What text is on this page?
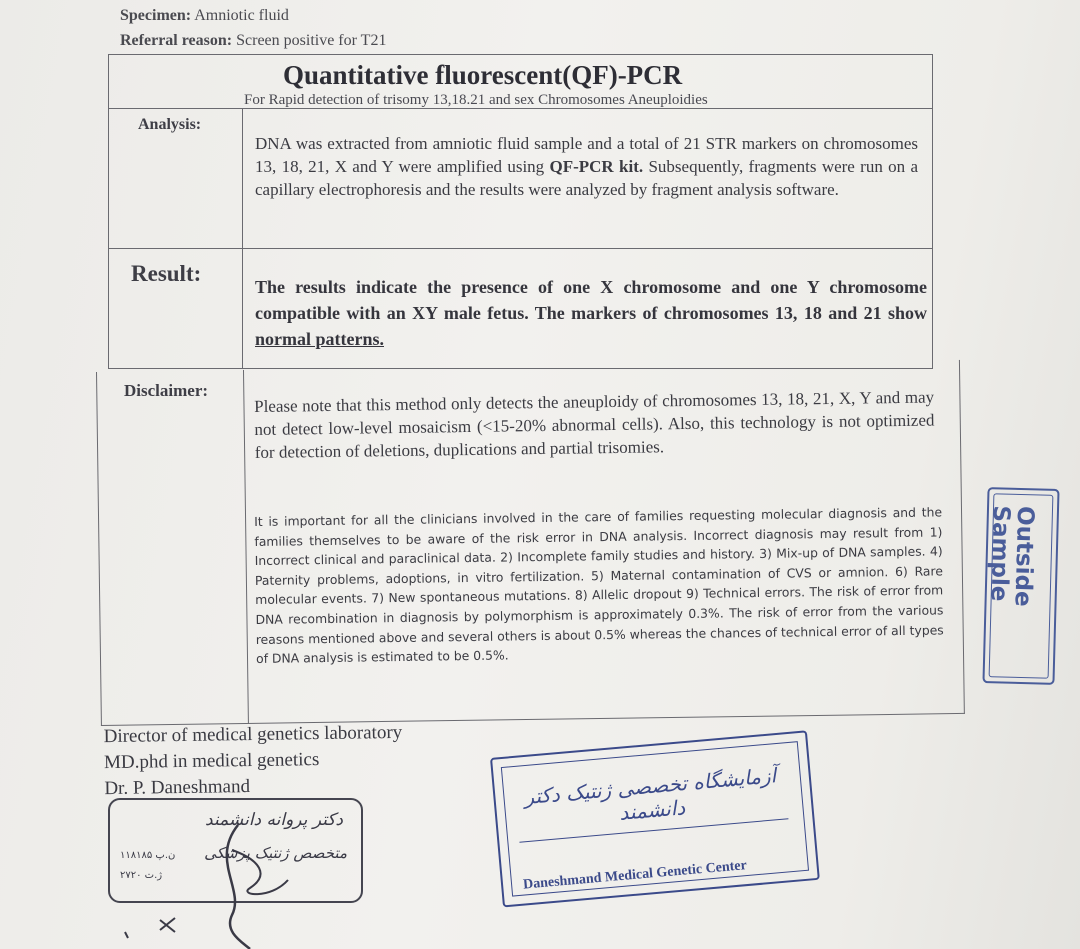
Specimen: Amniotic fluid
Referral reason: Screen positive for T21
Quantitative fluorescent(QF)-PCR
For Rapid detection of trisomy 13,18.21 and sex Chromosomes Aneuploidies
Analysis:
DNA was extracted from amniotic fluid sample and a total of 21 STR markers on chromosomes 13, 18, 21, X and Y were amplified using QF-PCR kit. Subsequently, fragments were run on a capillary electrophoresis and the results were analyzed by fragment analysis software.
Result:
The results indicate the presence of one X chromosome and one Y chromosome compatible with an XY male fetus. The markers of chromosomes 13, 18 and 21 show normal patterns.
Disclaimer:	Please note that this method only detects the aneuploidy of chromosomes 13, 18, 21, X, Y and may not detect low-level mosaicism (<15-20% abnormal cells). Also, this technology is not optimized for detection of deletions, duplications and partial trisomies.
It is important for all the clinicians involved in the care of families requesting molecular diagnosis and the families themselves to be aware of the risk error in DNA analysis. Incorrect diagnosis may result from 1) Incorrect clinical and paraclinical data. 2) Incomplete family studies and history. 3) Mix-up of DNA samples. 4) Paternity problems, adoptions, in vitro fertilization. 5) Maternal contamination of CVS or amnion. 6) Rare molecular events. 7) New spontaneous mutations. 8) Allelic dropout 9) Technical errors. The risk of error from DNA recombination in diagnosis by polymorphism is approximately 0.3%. The risk of error from the various reasons mentioned above and several others is about 0.5% whereas the chances of technical error of all types of DNA analysis is estimated to be 0.5%.
Director of medical genetics laboratory
MD.phd in medical genetics
Dr. P. Daneshmand
دکتر پروانه دانشمند
متخصص ژنتیک پزشکی
ن.پ ۱۱۸۱۸۵
ژ.ت ۲۷۲۰
آزمایشگاه تخصصی ژنتیک دکتر دانشمند
Daneshmand Medical Genetic Center
Outside
Sample
